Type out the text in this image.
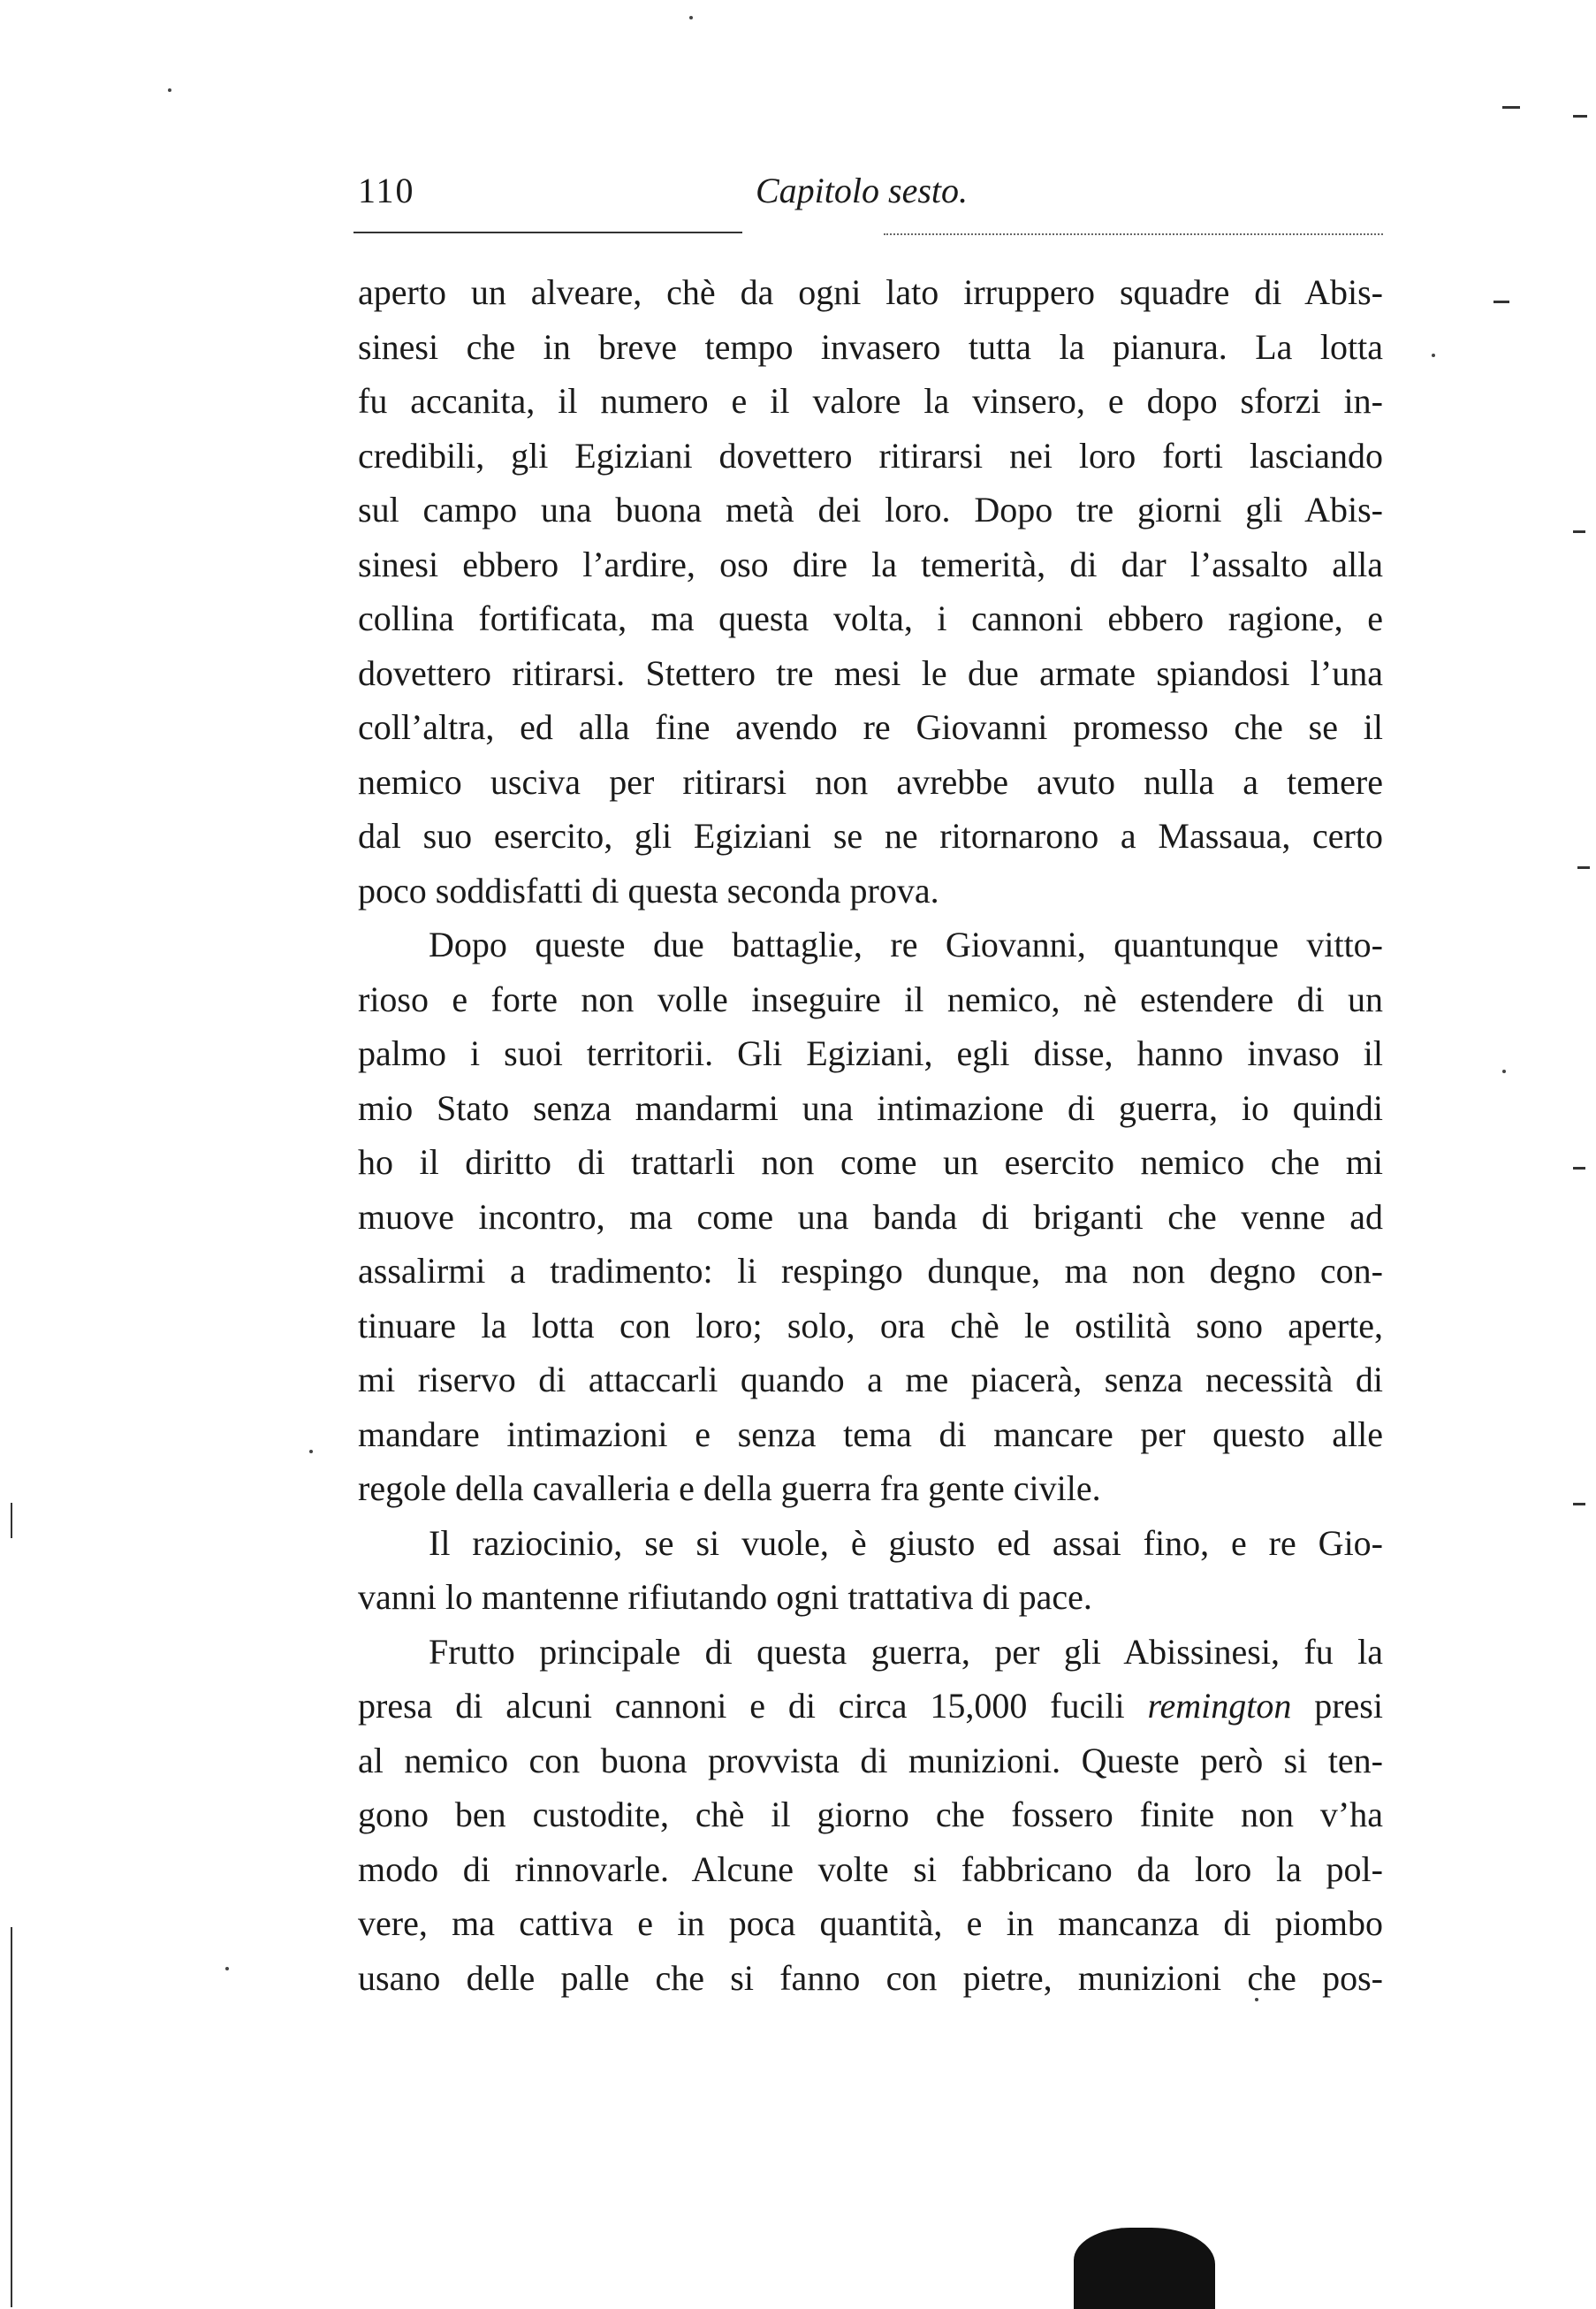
110	Capitolo sesto.

aperto un alveare, chè da ogni lato irruppero squadre di Abis-

sinesi che in breve tempo invasero tutta la pianura. La lotta

fu accanita, il numero e il valore la vinsero, e dopo sforzi in-

credibili, gli Egiziani dovettero ritirarsi nei loro forti lasciando

sul campo una buona metà dei loro. Dopo tre giorni gli Abis-

sinesi ebbero l’ardire, oso dire la temerità, di dar l’assalto alla

collina fortificata, ma questa volta, i cannoni ebbero ragione, e

dovettero ritirarsi. Stettero tre mesi le due armate spiandosi l’una

coll’altra, ed alla fine avendo re Giovanni promesso che se il

nemico usciva per ritirarsi non avrebbe avuto nulla a temere

dal suo esercito, gli Egiziani se ne ritornarono a Massaua, certo

poco soddisfatti di questa seconda prova.

Dopo queste due battaglie, re Giovanni, quantunque vitto-

rioso e forte non volle inseguire il nemico, nè estendere di un

palmo i suoi territorii. Gli Egiziani, egli disse, hanno invaso il

mio Stato senza mandarmi una intimazione di guerra, io quindi

ho il diritto di trattarli non come un esercito nemico che mi

muove incontro, ma come una banda di briganti che venne ad

assalirmi a tradimento: li respingo dunque, ma non degno con-

tinuare la lotta con loro; solo, ora chè le ostilità sono aperte,

mi riservo di attaccarli quando a me piacerà, senza necessità di

mandare intimazioni e senza tema di mancare per questo alle

regole della cavalleria e della guerra fra gente civile.

Il raziocinio, se si vuole, è giusto ed assai fino, e re Gio-

vanni lo mantenne rifiutando ogni trattativa di pace.

Frutto principale di questa guerra, per gli Abissinesi, fu la

presa di alcuni cannoni e di circa 15,000 fucili remington presi

al nemico con buona provvista di munizioni. Queste però si ten-

gono ben custodite, chè il giorno che fossero finite non v’ha

modo di rinnovarle. Alcune volte si fabbricano da loro la pol-

vere, ma cattiva e in poca quantità, e in mancanza di piombo

usano delle palle che si fanno con pietre, munizioni che pos-
